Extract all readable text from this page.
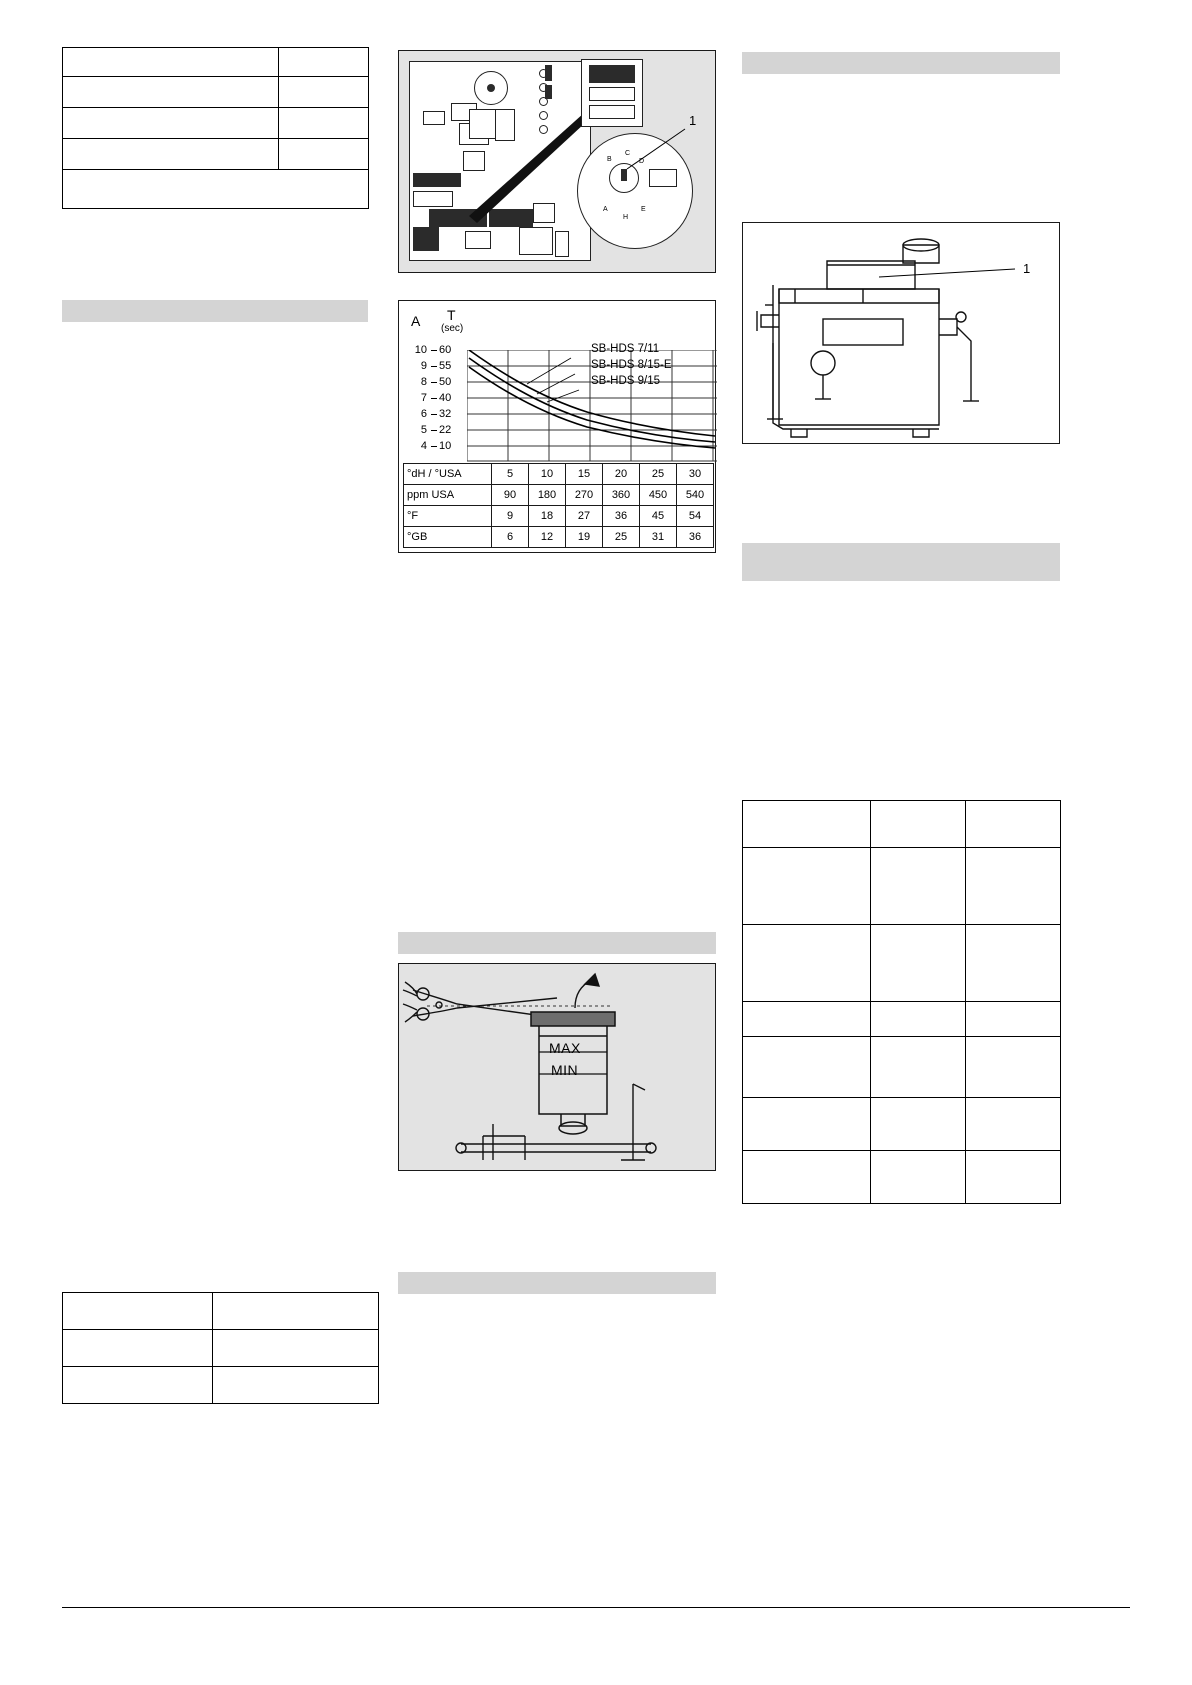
B
C
D
A
H
E
1
A T
(sec)
10
9
8
7
6
5
4
60
55
50
40
32
22
10
SB-HDS 7/11
SB-HDS 8/15-E
SB-HDS 9/15
°dH / °USA	5	10	15	20	25	30
ppm USA	90	180	270	360	450	540
°F	9	18	27	36	45	54
°GB	6	12	19	25	31	36
1

MAX
MIN
